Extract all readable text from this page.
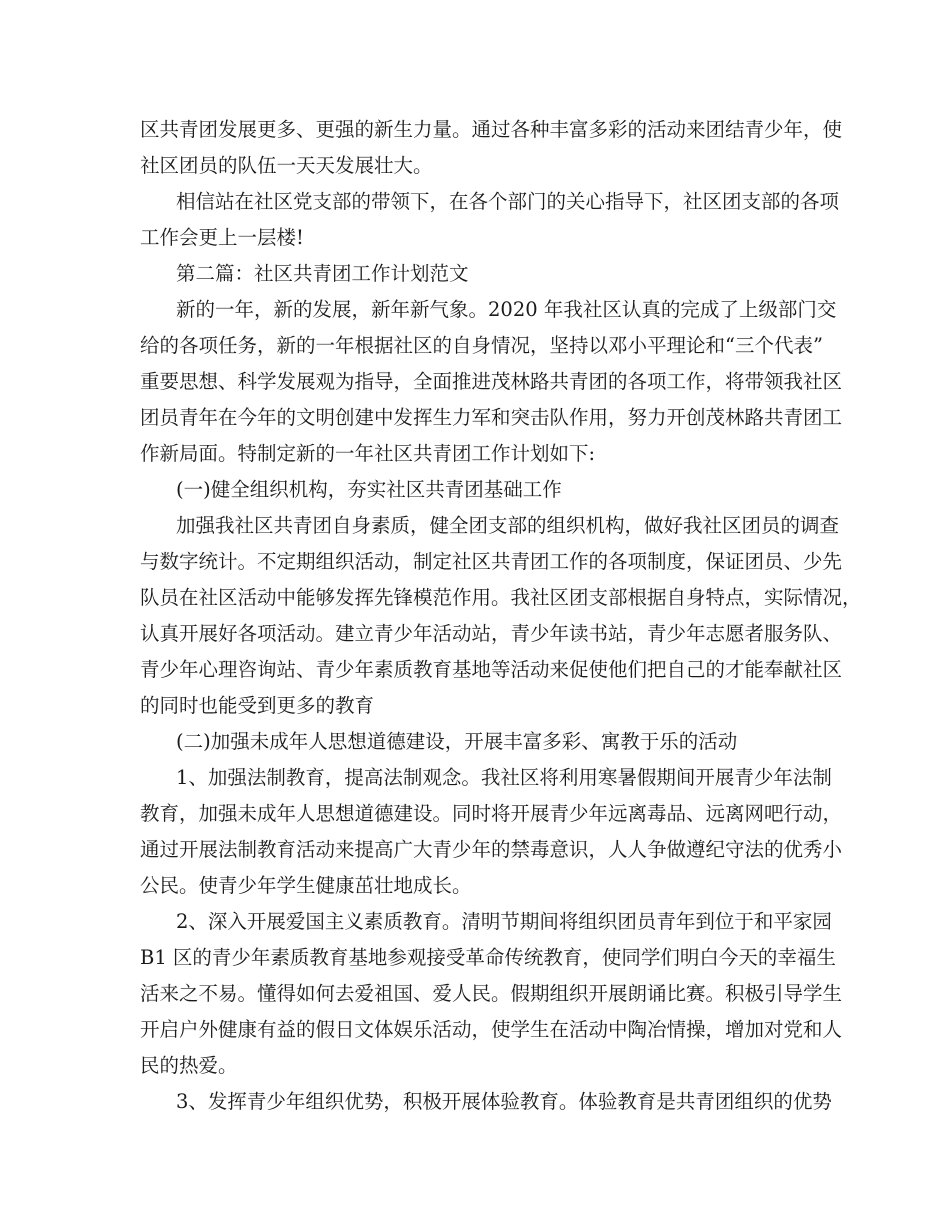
区共青团发展更多、更强的新生力量。通过各种丰富多彩的活动来团结青少年，使
社区团员的队伍一天天发展壮大。
相信站在社区党支部的带领下，在各个部门的关心指导下，社区团支部的各项
工作会更上一层楼!
第二篇：社区共青团工作计划范文
新的一年，新的发展，新年新气象。2020 年我社区认真的完成了上级部门交
给的各项任务，新的一年根据社区的自身情况，坚持以邓小平理论和“三个代表”
重要思想、科学发展观为指导，全面推进茂林路共青团的各项工作，将带领我社区
团员青年在今年的文明创建中发挥生力军和突击队作用，努力开创茂林路共青团工
作新局面。特制定新的一年社区共青团工作计划如下:
(一)健全组织机构，夯实社区共青团基础工作
加强我社区共青团自身素质，健全团支部的组织机构，做好我社区团员的调查
与数字统计。不定期组织活动，制定社区共青团工作的各项制度，保证团员、少先
队员在社区活动中能够发挥先锋模范作用。我社区团支部根据自身特点，实际情况，
认真开展好各项活动。建立青少年活动站，青少年读书站，青少年志愿者服务队、
青少年心理咨询站、青少年素质教育基地等活动来促使他们把自己的才能奉献社区
的同时也能受到更多的教育
(二)加强未成年人思想道德建设，开展丰富多彩、寓教于乐的活动
1、加强法制教育，提高法制观念。我社区将利用寒暑假期间开展青少年法制
教育，加强未成年人思想道德建设。同时将开展青少年远离毒品、远离网吧行动，
通过开展法制教育活动来提高广大青少年的禁毒意识，人人争做遵纪守法的优秀小
公民。使青少年学生健康茁壮地成长。
2、深入开展爱国主义素质教育。清明节期间将组织团员青年到位于和平家园
B1 区的青少年素质教育基地参观接受革命传统教育，使同学们明白今天的幸福生
活来之不易。懂得如何去爱祖国、爱人民。假期组织开展朗诵比赛。积极引导学生
开启户外健康有益的假日文体娱乐活动，使学生在活动中陶冶情操，增加对党和人
民的热爱。
3、发挥青少年组织优势，积极开展体验教育。体验教育是共青团组织的优势
